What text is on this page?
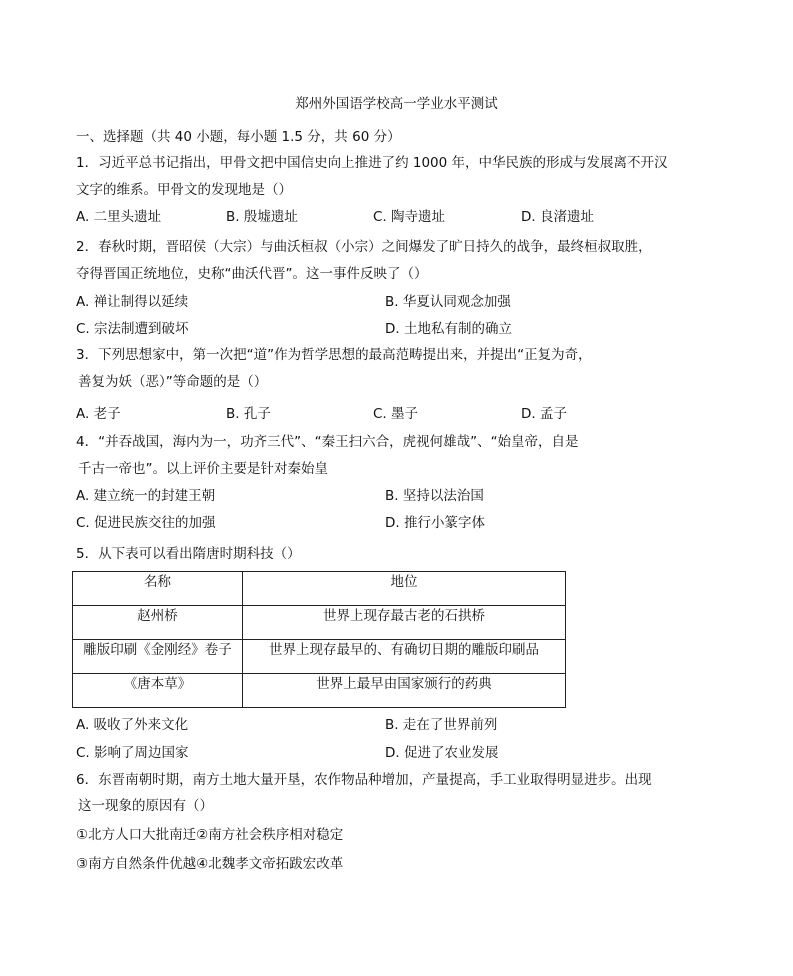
郑州外国语学校高一学业水平测试
一、选择题（共 40 小题，每小题 1.5 分，共 60 分）
1．习近平总书记指出，甲骨文把中国信史向上推进了约 1000 年，中华民族的形成与发展离不开汉
文字的维系。甲骨文的发现地是（）
A. 二里头遗址	B. 殷墟遗址	C. 陶寺遗址	D. 良渚遗址
2．春秋时期，晋昭侯（大宗）与曲沃桓叔（小宗）之间爆发了旷日持久的战争，最终桓叔取胜，
夺得晋国正统地位，史称“曲沃代晋”。这一事件反映了（）
A. 禅让制得以延续	B. 华夏认同观念加强
C. 宗法制遭到破坏	D. 土地私有制的确立
3．下列思想家中，第一次把“道”作为哲学思想的最高范畴提出来，并提出“正复为奇，
善复为妖（恶）”等命题的是（）
A. 老子	B. 孔子	C. 墨子	D. 孟子
4．“并吞战国，海内为一，功齐三代”、“秦王扫六合，虎视何雄哉”、“始皇帝，自是
千古一帝也”。以上评价主要是针对秦始皇
A. 建立统一的封建王朝	B. 坚持以法治国
C. 促进民族交往的加强	D. 推行小篆字体
5．从下表可以看出隋唐时期科技（）
名称	地位

赵州桥	世界上现存最古老的石拱桥

雕版印刷《金刚经》卷子	世界上现存最早的、有确切日期的雕版印刷品

《唐本草》	世界上最早由国家颁行的药典
A. 吸收了外来文化	B. 走在了世界前列
C. 影响了周边国家	D. 促进了农业发展
6．东晋南朝时期，南方土地大量开垦，农作物品种增加，产量提高，手工业取得明显进步。出现
这一现象的原因有（）
①北方人口大批南迁②南方社会秩序相对稳定
③南方自然条件优越④北魏孝文帝拓跋宏改革
